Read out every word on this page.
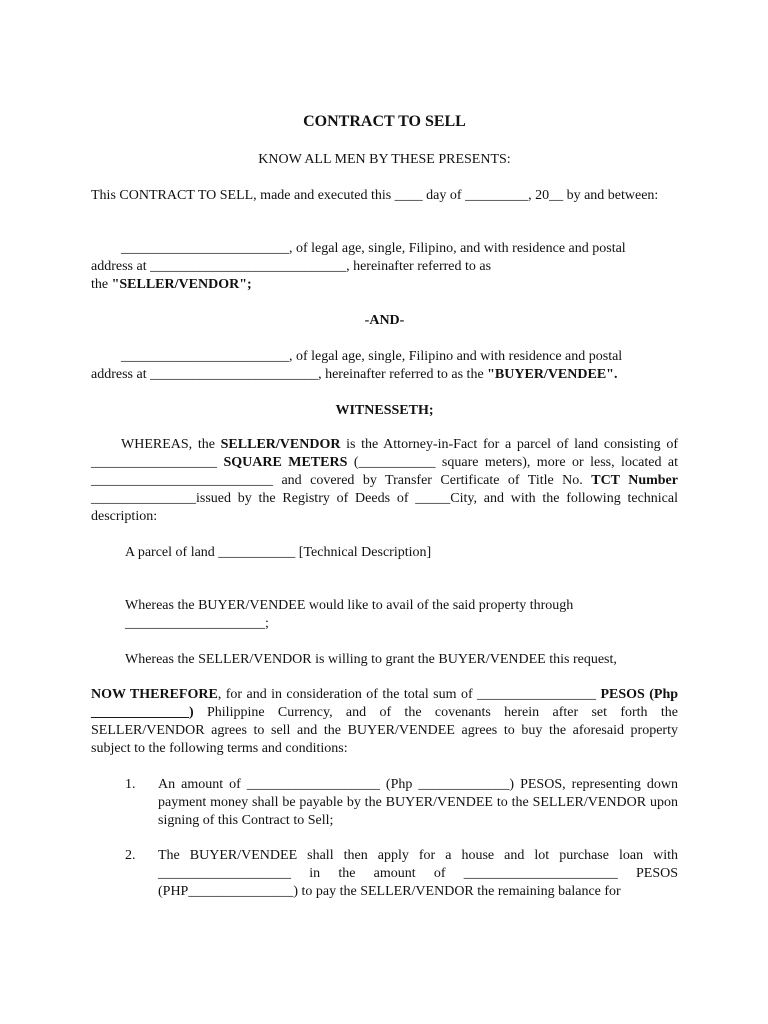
CONTRACT TO SELL

KNOW ALL MEN BY THESE PRESENTS:

This CONTRACT TO SELL, made and executed this ____ day of _________, 20__ by and between:

________________________, of legal age, single, Filipino, and with residence and postal
address at ____________________________, hereinafter referred to as
the "SELLER/VENDOR";

-AND-

________________________, of legal age, single, Filipino and with residence and postal
address at ________________________, hereinafter referred to as the "BUYER/VENDEE".

WITNESSETH;

WHEREAS, the SELLER/VENDOR is the Attorney-in-Fact for a parcel of land consisting of __________________ SQUARE METERS (___________ square meters), more or less, located at __________________________ and covered by Transfer Certificate of Title No. TCT Number _______________issued by the Registry of Deeds of _____City, and with the following technical description:

A parcel of land ___________ [Technical Description]

Whereas the BUYER/VENDEE would like to avail of the said property through
____________________;

Whereas the SELLER/VENDOR is willing to grant the BUYER/VENDEE this request,

NOW THEREFORE, for and in consideration of the total sum of _________________ PESOS (Php ______________) Philippine Currency, and of the covenants herein after set forth the SELLER/VENDOR agrees to sell and the BUYER/VENDEE agrees to buy the aforesaid property subject to the following terms and conditions:

1. An amount of ___________________ (Php _____________) PESOS, representing down payment money shall be payable by the BUYER/VENDEE to the SELLER/VENDOR upon signing of this Contract to Sell;

2. The BUYER/VENDEE shall then apply for a house and lot purchase loan with ___________________ in the amount of ______________________ PESOS (PHP_______________) to pay the SELLER/VENDOR the remaining balance for
